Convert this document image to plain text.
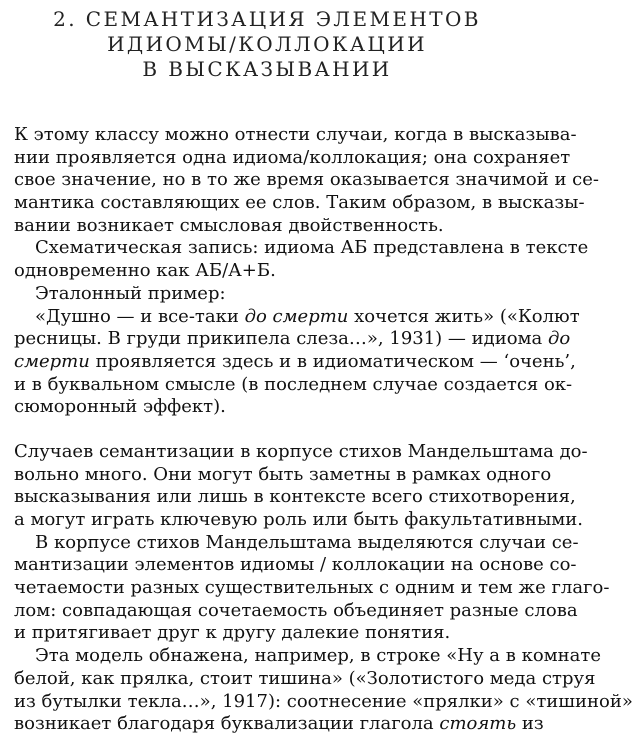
2. СЕМАНТИЗАЦИЯ ЭЛЕМЕНТОВ
ИДИОМЫ/КОЛЛОКАЦИИ
В ВЫСКАЗЫВАНИИ
К этому классу можно отнести случаи, когда в высказыва-
нии проявляется одна идиома/коллокация; она сохраняет
свое значение, но в то же время оказывается значимой и се-
мантика составляющих ее слов. Таким образом, в высказы-
вании возникает смысловая двойственность.
Схематическая запись: идиома АБ представлена в тексте
одновременно как АБ/А+Б.
Эталонный пример:
«Душно — и все-таки до смерти хочется жить» («Колют
ресницы. В груди прикипела слеза…», 1931) — идиома до
смерти проявляется здесь и в идиоматическом — ‘очень’,
и в буквальном смысле (в последнем случае создается ок-
сюморонный эффект).
Случаев семантизации в корпусе стихов Мандельштама до-
вольно много. Они могут быть заметны в рамках одного
высказывания или лишь в контексте всего стихотворения,
а могут играть ключевую роль или быть факультативными.
В корпусе стихов Мандельштама выделяются случаи се-
мантизации элементов идиомы / коллокации на основе со-
четаемости разных существительных с одним и тем же глаго-
лом: совпадающая сочетаемость объединяет разные слова
и притягивает друг к другу далекие понятия.
Эта модель обнажена, например, в строке «Ну а в комнате
белой, как прялка, стоит тишина» («Золотистого меда струя
из бутылки текла…», 1917): соотнесение «прялки» с «тишиной»
возникает благодаря буквализации глагола стоять из
